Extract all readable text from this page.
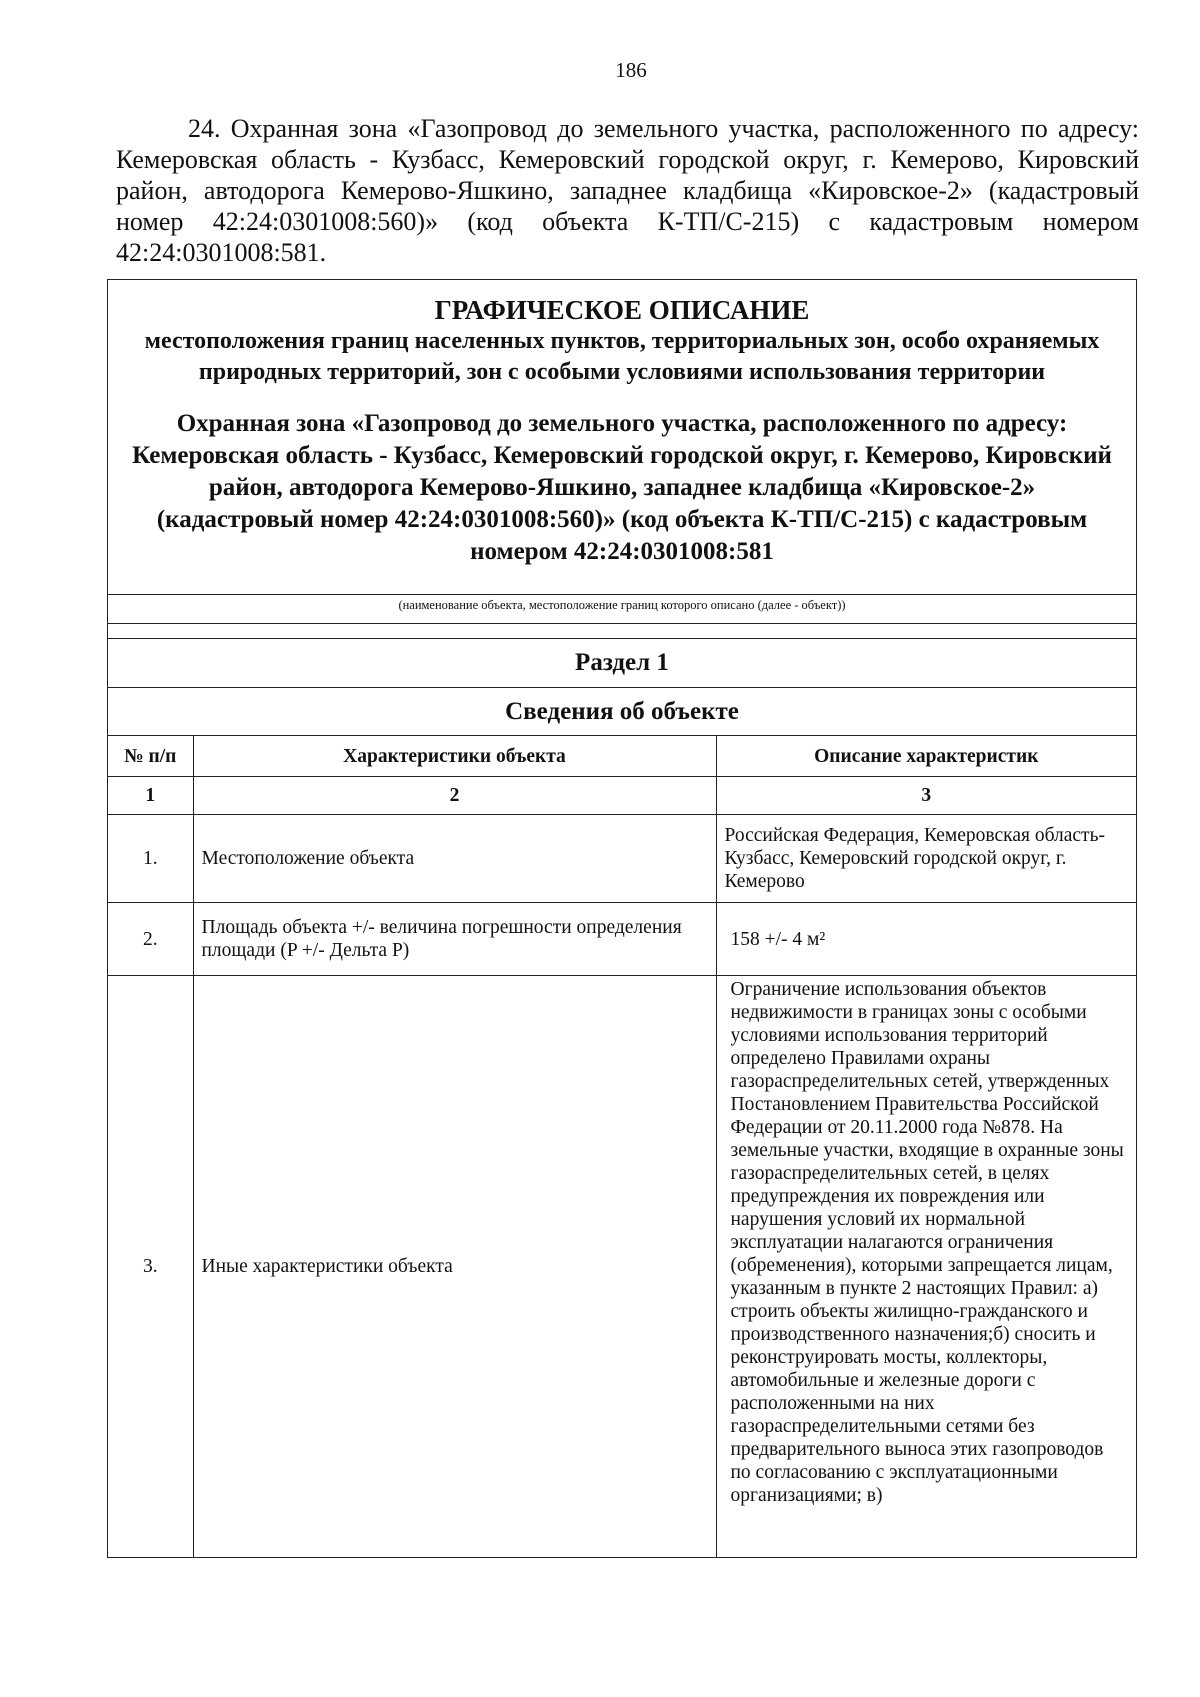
186

24. Охранная зона «Газопровод до земельного участка, расположенного по адресу: Кемеровская область - Кузбасс, Кемеровский городской округ, г. Кемерово, Кировский район, автодорога Кемерово-Яшкино, западнее кладбища «Кировское-2» (кадастровый номер 42:24:0301008:560)» (код объекта К-ТП/С-215) с кадастровым номером 42:24:0301008:581.

ГРАФИЧЕСКОЕ ОПИСАНИЕ
местоположения границ населенных пунктов, территориальных зон, особо охраняемых природных территорий, зон с особыми условиями использования территории
Охранная зона «Газопровод до земельного участка, расположенного по адресу: Кемеровская область - Кузбасс, Кемеровский городской округ, г. Кемерово, Кировский район, автодорога Кемерово-Яшкино, западнее кладбища «Кировское-2» (кадастровый номер 42:24:0301008:560)» (код объекта К-ТП/С-215) с кадастровым номером 42:24:0301008:581
(наименование объекта, местоположение границ которого описано (далее - объект))
Раздел 1
Сведения об объекте
№ п/п	Характеристики объекта	Описание характеристик
1	2	3
1.	Местоположение объекта	Российская Федерация, Кемеровская область-Кузбасс, Кемеровский городской округ, г. Кемерово
2.	Площадь объекта +/- величина погрешности определения площади (P +/- Дельта P)	158 +/- 4 м²
3.	Иные характеристики объекта	Ограничение использования объектов недвижимости в границах зоны с особыми условиями использования территорий определено Правилами охраны газораспределительных сетей, утвержденных Постановлением Правительства Российской Федерации от 20.11.2000 года №878. На земельные участки, входящие в охранные зоны газораспределительных сетей, в целях предупреждения их повреждения или нарушения условий их нормальной эксплуатации налагаются ограничения (обременения), которыми запрещается лицам, указанным в пункте 2 настоящих Правил: а) строить объекты жилищно-гражданского и производственного назначения;б) сносить и реконструировать мосты, коллекторы, автомобильные и железные дороги с расположенными на них газораспределительными сетями без предварительного выноса этих газопроводов по согласованию с эксплуатационными организациями; в)
